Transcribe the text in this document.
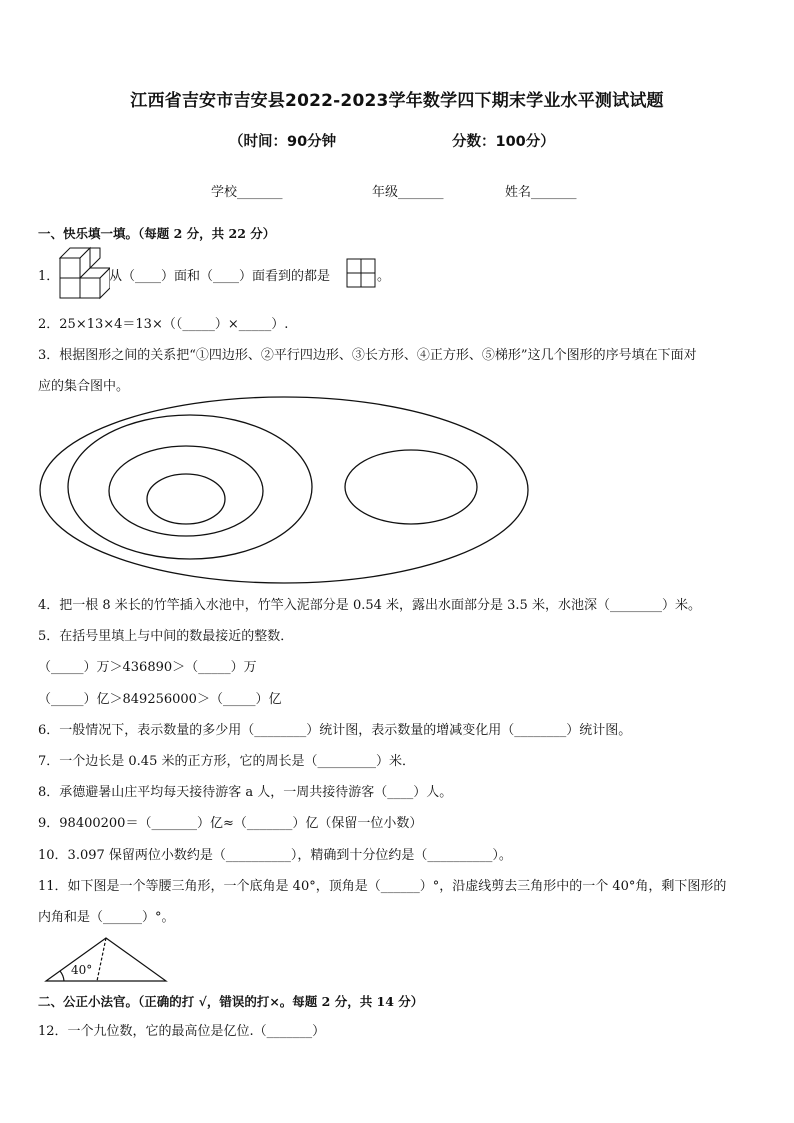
江西省吉安市吉安县2022-2023学年数学四下期末学业水平测试试题
（时间：90分钟	分数：100分）
学校_______	年级_______	姓名_______
一、快乐填一填。（每题 2 分，共 22 分）
1．	从（____）面和（____）面看到的都是	。
2．25×13×4＝13×（（_____）×_____）.
3．根据图形之间的关系把“①四边形、②平行四边形、③长方形、④正方形、⑤梯形”这几个图形的序号填在下面对
应的集合图中。
4．把一根 8 米长的竹竿插入水池中，竹竿入泥部分是 0.54 米，露出水面部分是 3.5 米，水池深（________）米。
5．在括号里填上与中间的数最接近的整数．
（_____）万＞436890＞（_____）万
（_____）亿＞849256000＞（_____）亿
6．一般情况下，表示数量的多少用（________）统计图，表示数量的增减变化用（________）统计图。
7．一个边长是 0.45 米的正方形，它的周长是（_________）米．
8．承德避暑山庄平均每天接待游客 a 人，一周共接待游客（____）人。
9．98400200＝（_______）亿≈（_______）亿（保留一位小数）
10．3.097 保留两位小数约是（__________），精确到十分位约是（__________）。
11．如下图是一个等腰三角形，一个底角是 40°，顶角是（______）°，沿虚线剪去三角形中的一个 40°角，剩下图形的
内角和是（______）°。
40°
二、公正小法官。（正确的打 √，错误的打×。每题 2 分，共 14 分）
12．一个九位数，它的最高位是亿位.（_______）
